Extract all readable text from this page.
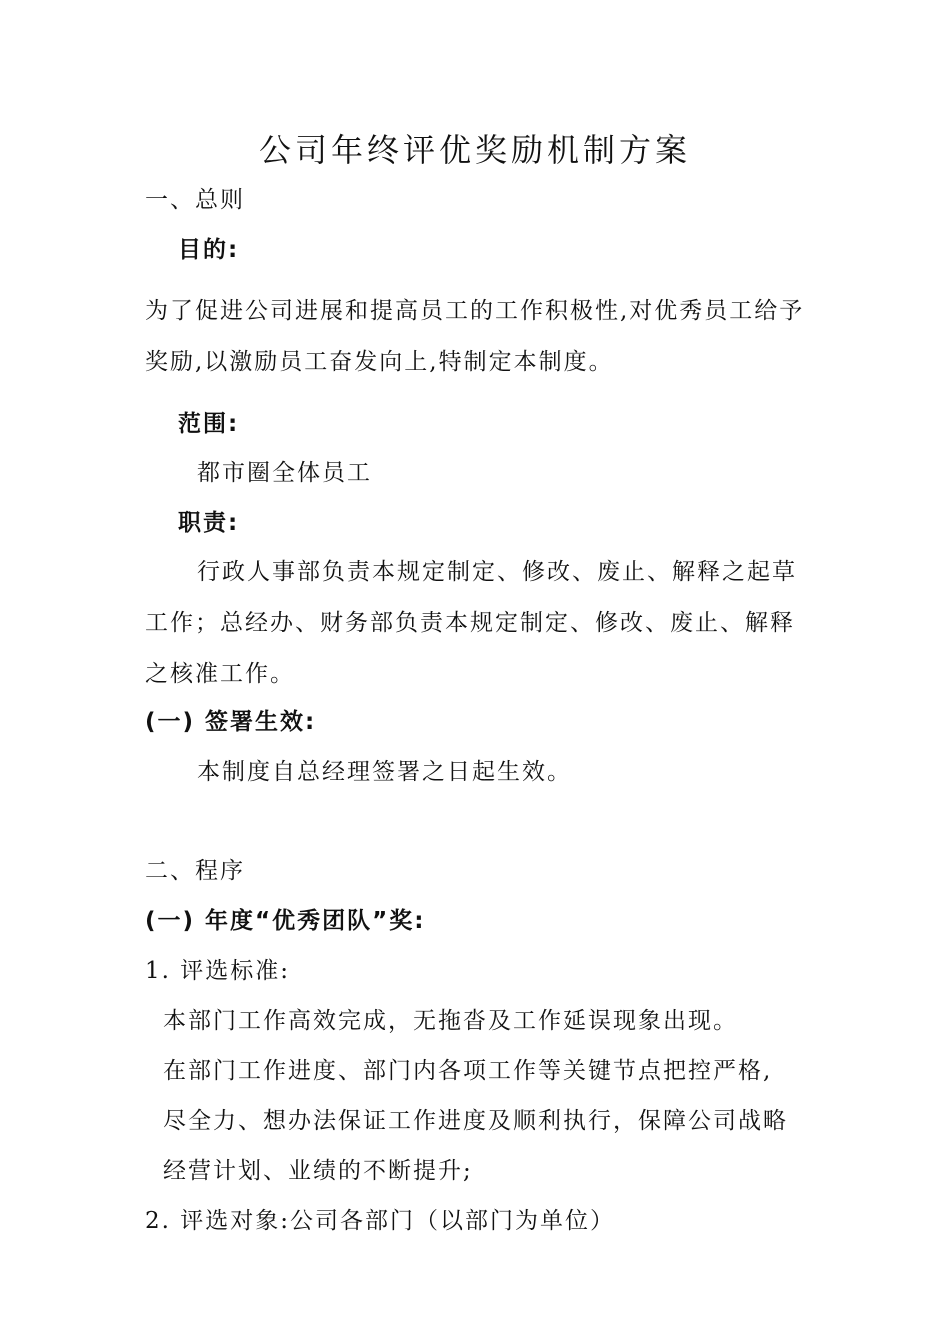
公司年终评优奖励机制方案
一、总则
目的:
为了促进公司进展和提高员工的工作积极性,对优秀员工给予奖励,以激励员工奋发向上,特制定本制度。
范围:
都市圈全体员工
职责:
行政人事部负责本规定制定、修改、废止、解释之起草工作；总经办、财务部负责本规定制定、修改、废止、解释之核准工作。
(一) 签署生效:
本制度自总经理签署之日起生效。
二、程序
(一) 年度“优秀团队”奖:
1. 评选标准:
本部门工作高效完成，无拖沓及工作延误现象出现。
在部门工作进度、部门内各项工作等关键节点把控严格,
尽全力、想办法保证工作进度及顺利执行，保障公司战略
经营计划、业绩的不断提升;
2. 评选对象:公司各部门（以部门为单位）
